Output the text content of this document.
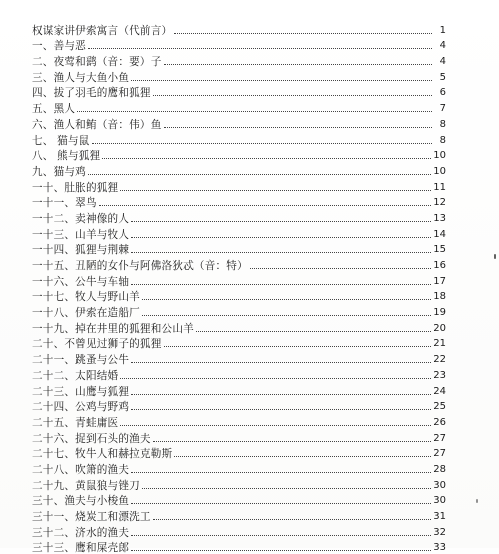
权谋家讲伊索寓言（代前言）	1
一、善与恶	4
二、夜莺和鹞（音：要）子	4
三、渔人与大鱼小鱼	5
四、拔了羽毛的鹰和狐狸	6
五、黑人	7
六、渔人和鲔（音：伟）鱼	8
七、 猫与鼠	8
八、 熊与狐狸	10
九、猫与鸡	10
一十、肚胀的狐狸	11
一十一、翠鸟	12
一十二、卖神像的人	13
一十三、山羊与牧人	14
一十四、狐狸与荆棘	15
一十五、丑陋的女仆与阿佛洛狄忒（音：特）	16
一十六、公牛与车轴	17
一十七、牧人与野山羊	18
一十八、伊索在造船厂	19
一十九、掉在井里的狐狸和公山羊	20
二十、不曾见过狮子的狐狸	21
二十一、跳蚤与公牛	22
二十二、太阳结婚	23
二十三、山鹰与狐狸	24
二十四、公鸡与野鸡	25
二十五、青蛙庸医	26
二十六、捉到石头的渔夫	27
二十七、牧牛人和赫拉克勒斯	27
二十八、吹箫的渔夫	28
二十九、黄鼠狼与锉刀	30
三十、渔夫与小梭鱼	30
三十一、烧炭工和漂洗工	31
三十二、济水的渔夫	32
三十三、鹰和屎壳郎	33
